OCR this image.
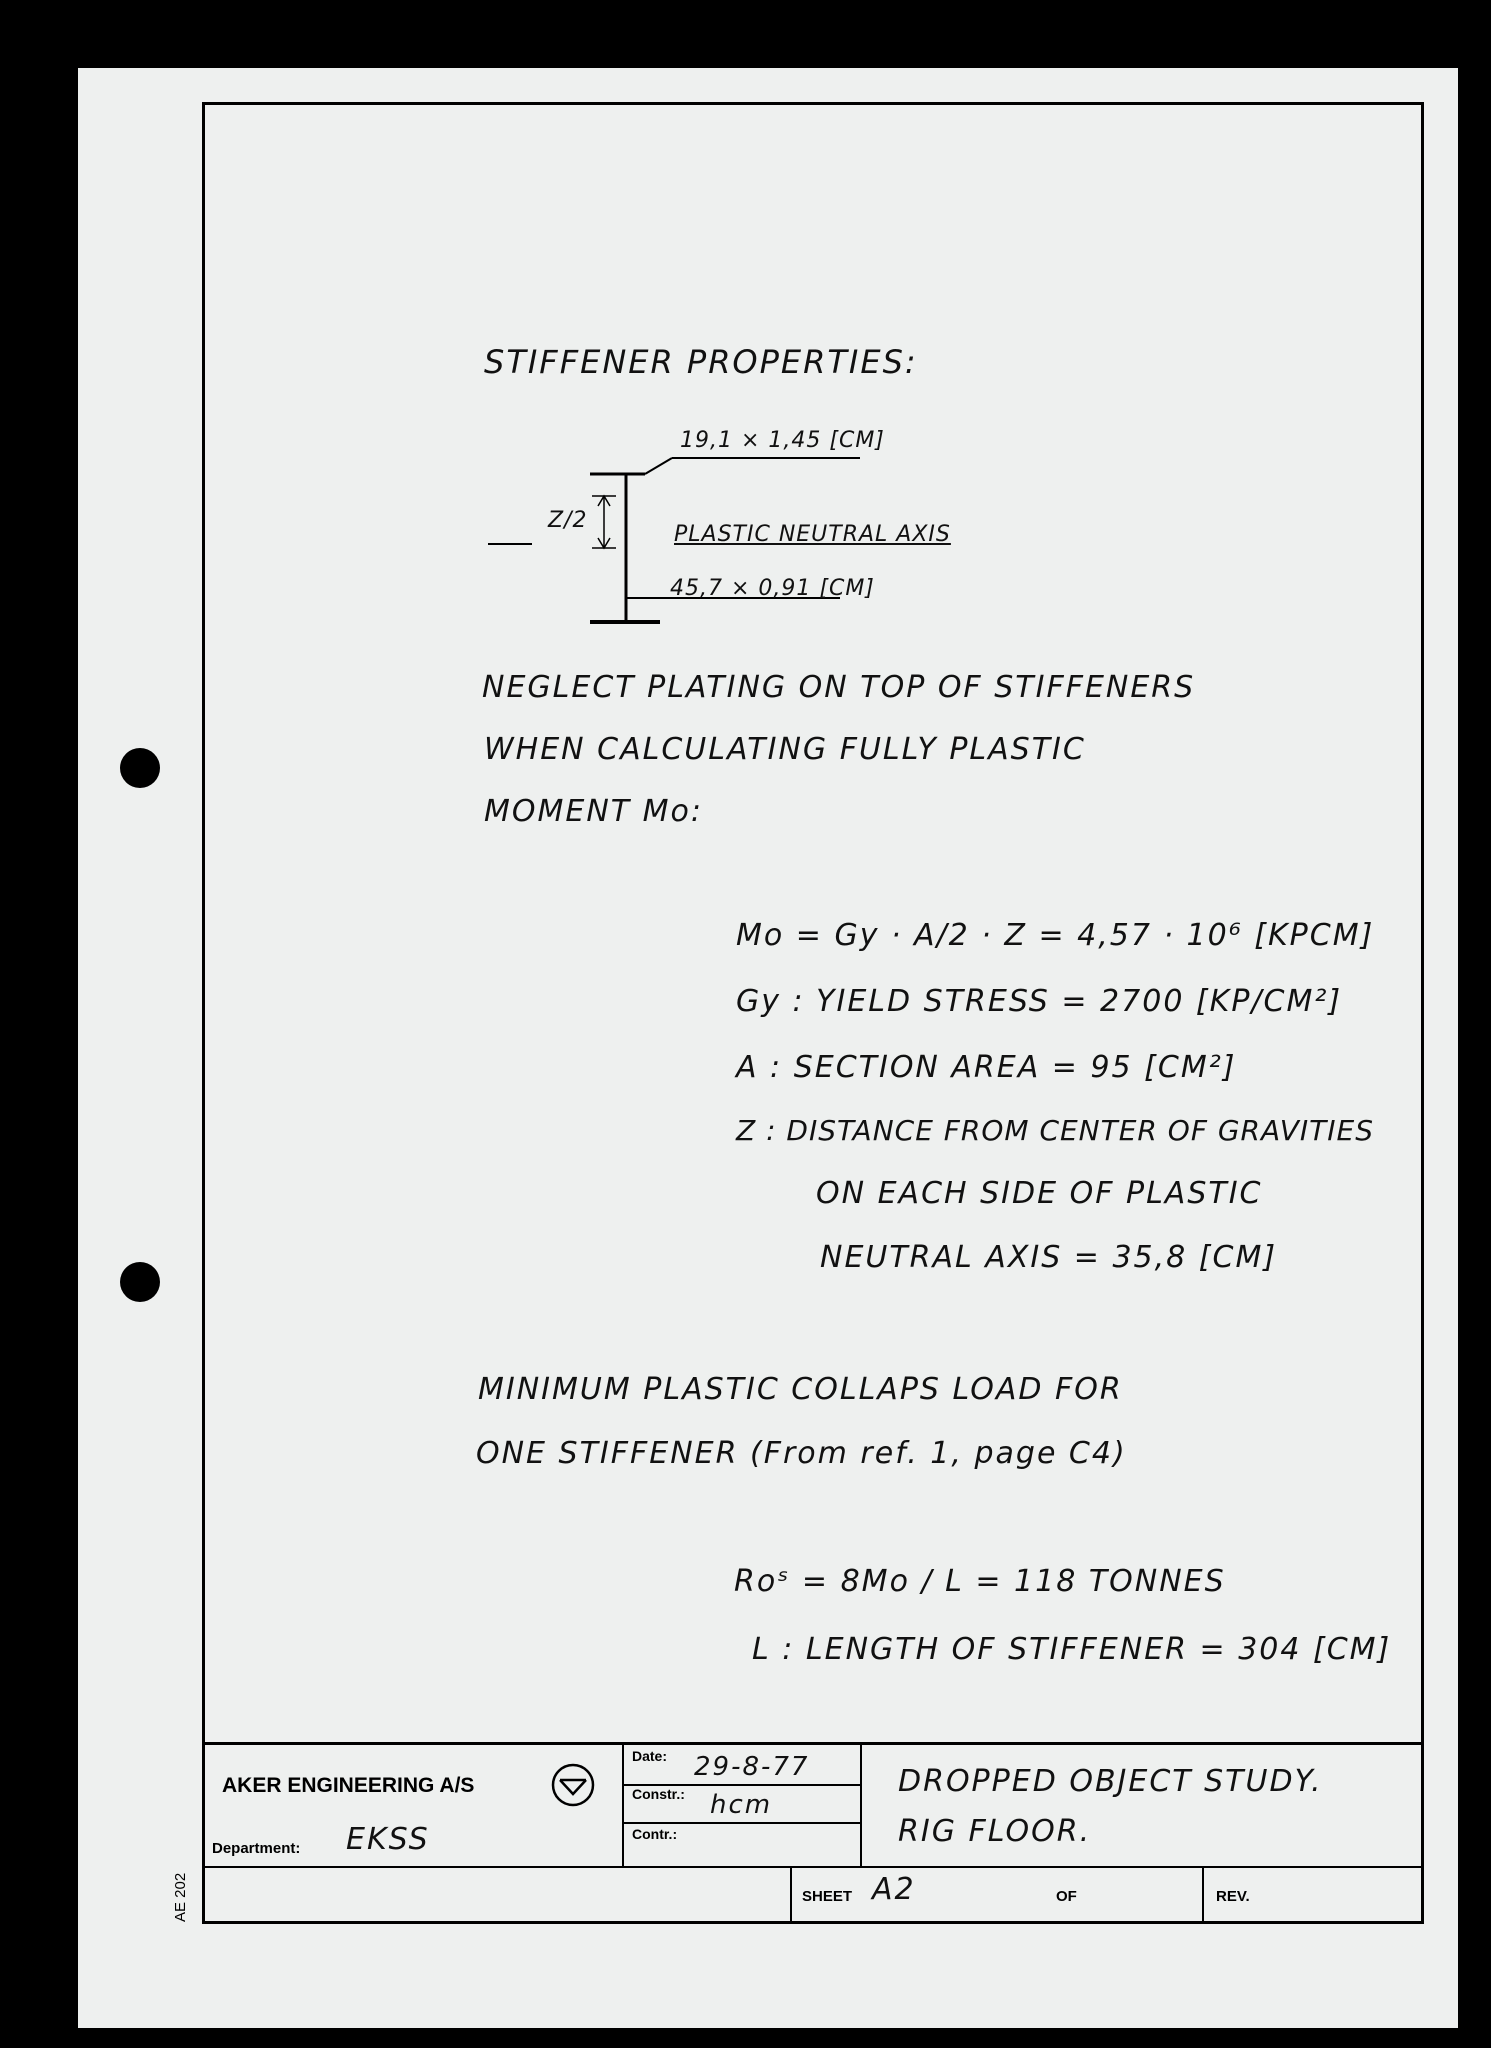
STIFFENER PROPERTIES:
19,1 × 1,45 [CM]
Z/2
PLASTIC NEUTRAL AXIS
45,7 × 0,91 [CM]
NEGLECT PLATING ON TOP OF STIFFENERS
WHEN CALCULATING FULLY PLASTIC
MOMENT Mo:
Mo = Gy · A/2 · Z = 4,57 · 10⁶ [KPCM]
Gy : YIELD STRESS = 2700 [KP/CM²]
A : SECTION AREA = 95 [CM²]
Z : DISTANCE FROM CENTER OF GRAVITIES
ON EACH SIDE OF PLASTIC
NEUTRAL AXIS = 35,8 [CM]
MINIMUM PLASTIC COLLAPS LOAD FOR
ONE STIFFENER (From ref. 1, page C4)
Roˢ = 8Mo / L = 118 TONNES
L : LENGTH OF STIFFENER = 304 [CM]
AKER ENGINEERING A/S
Department: EKSS
Date: 29-8-77
Constr.: hcm
Contr.:
DROPPED OBJECT STUDY.
RIG FLOOR.
SHEET A2	OF	REV.
AE 202
